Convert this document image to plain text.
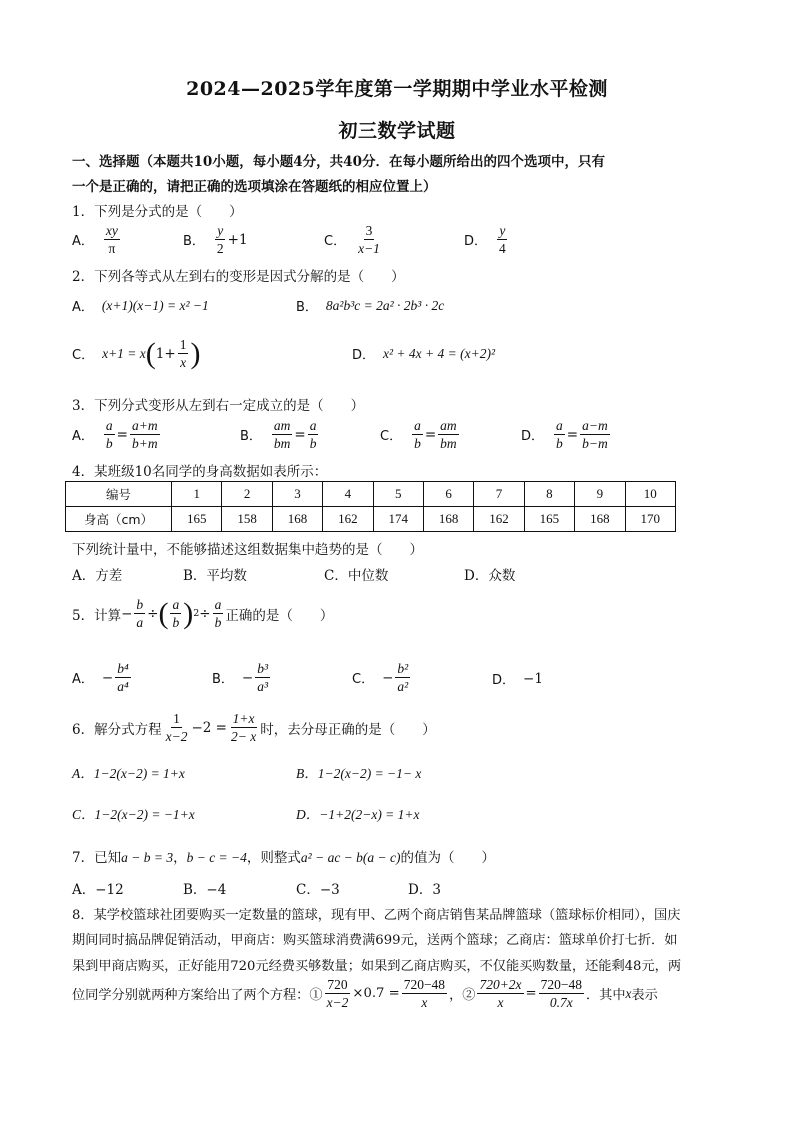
2024—2025学年度第一学期期中学业水平检测
初三数学试题
一、选择题（本题共10小题，每小题4分，共40分．在每小题所给出的四个选项中，只有
一个是正确的，请把正确的选项填涂在答题纸的相应位置上）
1．下列是分式的是（　　）
A． $\frac{xy}{\pi}$	B． $\frac{y}{2} +1$	C． $\frac{3}{x-1}$	D． $\frac{y}{4}$
2．下列各等式从左到右的变形是因式分解的是（　　）
A． (x+1)(x−1) = x² −1	B． 8a²b³c = 2a² · 2b³ · 2c
C． x+1 = x ( $1+ \frac{1}{x}$ )	D． x² + 4x + 4 = (x+2)²
3．下列分式变形从左到右一定成立的是（　　）
A． $\frac{a}{b} = \frac{a+m}{b+m}$	B． $\frac{am}{bm} = \frac{a}{b}$	C． $\frac{a}{b} = \frac{am}{bm}$	D． $\frac{a}{b} = \frac{a-m}{b-m}$
4．某班级10名同学的身高数据如表所示：
编号	1	2	3	4	5	6	7	8	9	10
身高（cm）	165	158	168	162	174	168	162	165	168	170
下列统计量中，不能够描述这组数据集中趋势的是（　　）
A．方差	B．平均数	C．中位数	D．众数
5．计算 − $\frac{b}{a}$ ÷ ( $\frac{a}{b}$ ) $2 \div \frac{a}{b}$ 正确的是（　　）
A． − $\frac{\text{b⁴}}{\text{a⁴}}$	B． − $\frac{\text{b³}}{\text{a³}}$	C． − $\frac{\text{b²}}{\text{a²}}$	D． −1
6．解分式方程 $\frac{1}{x-2} -2 = \frac{1+x}{2- x}$ 时，去分母正确的是（　　）
A．1−2(x−2) = 1+x	B．1−2(x−2) = −1− x
C．1−2(x−2) = −1+x	D．−1+2(2−x) = 1+x
7．已知a − b = 3，b − c = −4，则整式a² − ac − b(a − c)的值为（　　）
A．−12	B．−4	C．−3	D．3
8．某学校篮球社团要购买一定数量的篮球，现有甲、乙两个商店销售某品牌篮球（篮球标价相同），国庆
期间同时搞品牌促销活动，甲商店：购买篮球消费满699元，送两个篮球；乙商店：篮球单价打七折．如
果到甲商店购买，正好能用720元经费买够数量；如果到乙商店购买，不仅能买购数量，还能剩48元，两
位同学分别就两种方案给出了两个方程：① $\frac{720}{x-2} \times 0.7 = \frac{720-48}{x}$ ，② $\frac{720+2x}{x} = \frac{720-48}{0.7x}$ ．其中 x 表示
